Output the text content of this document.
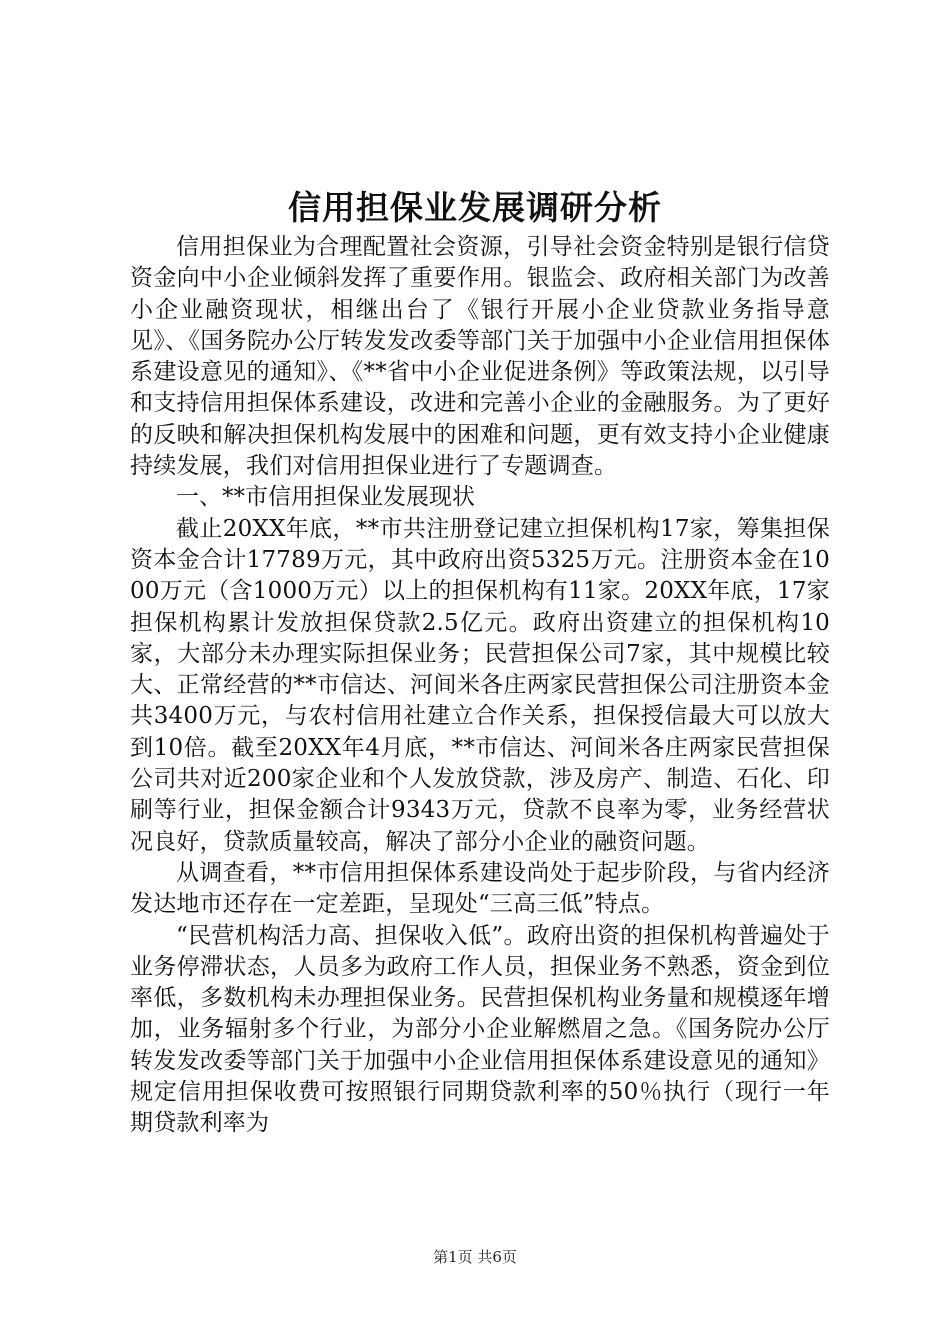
信用担保业发展调研分析

信用担保业为合理配置社会资源，引导社会资金特别是银行信贷资金向中小企业倾斜发挥了重要作用。银监会、政府相关部门为改善小企业融资现状，相继出台了《银行开展小企业贷款业务指导意见》、《国务院办公厅转发发改委等部门关于加强中小企业信用担保体系建设意见的通知》、《**省中小企业促进条例》等政策法规，以引导和支持信用担保体系建设，改进和完善小企业的金融服务。为了更好的反映和解决担保机构发展中的困难和问题，更有效支持小企业健康持续发展，我们对信用担保业进行了专题调查。

一、**市信用担保业发展现状

截止20XX年底，**市共注册登记建立担保机构17家，筹集担保资本金合计17789万元，其中政府出资5325万元。注册资本金在1000万元（含1000万元）以上的担保机构有11家。20XX年底，17家担保机构累计发放担保贷款2.5亿元。政府出资建立的担保机构10家，大部分未办理实际担保业务；民营担保公司7家，其中规模比较大、正常经营的**市信达、河间米各庄两家民营担保公司注册资本金共3400万元，与农村信用社建立合作关系，担保授信最大可以放大到10倍。截至20XX年4月底，**市信达、河间米各庄两家民营担保公司共对近200家企业和个人发放贷款，涉及房产、制造、石化、印刷等行业，担保金额合计9343万元，贷款不良率为零，业务经营状况良好，贷款质量较高，解决了部分小企业的融资问题。

从调查看，**市信用担保体系建设尚处于起步阶段，与省内经济发达地市还存在一定差距，呈现处“三高三低”特点。

“民营机构活力高、担保收入低”。政府出资的担保机构普遍处于业务停滞状态，人员多为政府工作人员，担保业务不熟悉，资金到位率低，多数机构未办理担保业务。民营担保机构业务量和规模逐年增加，业务辐射多个行业，为部分小企业解燃眉之急。《国务院办公厅转发发改委等部门关于加强中小企业信用担保体系建设意见的通知》规定信用担保收费可按照银行同期贷款利率的50％执行（现行一年期贷款利率为

第1页 共6页
